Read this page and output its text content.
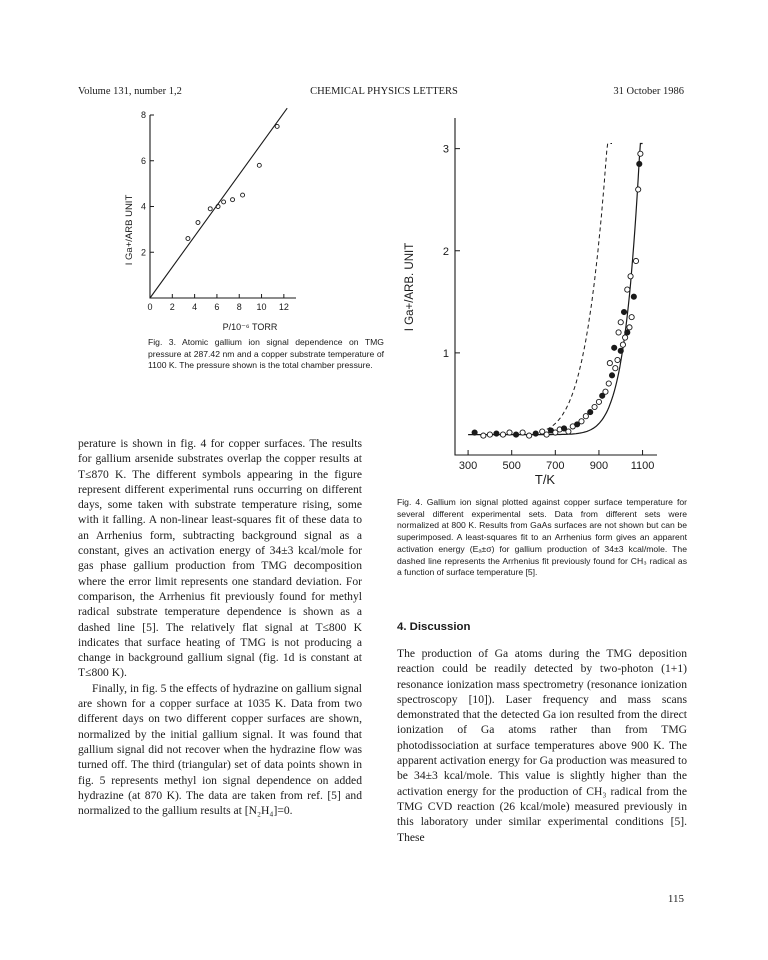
Volume 131, number 1,2	CHEMICAL PHYSICS LETTERS	31 October 1986
0 2 4 6 8 10 12
2
4
6
8
I Ga+/ARB UNIT
P/10⁻⁶ TORR

Fig. 3. Atomic gallium ion signal dependence on TMG pressure at 287.42 nm and a copper substrate temperature of 1100 K. The pressure shown is the total chamber pressure.

300 500 700 900 1100
1
2
3
I Ga+/ARB. UNIT
T/K

Fig. 4. Gallium ion signal plotted against copper surface temperature for several different experimental sets. Data from different sets were normalized at 800 K. Results from GaAs surfaces are not shown but can be superimposed. A least-squares fit to an Arrhenius form gives an apparent activation energy (Eₐ±σ) for gallium production of 34±3 kcal/mole. The dashed line represents the Arrhenius fit previously found for CH₃ radical as a function of surface temperature [5].

perature is shown in fig. 4 for copper surfaces. The results for gallium arsenide substrates overlap the copper results at T≤870 K. The different symbols appearing in the figure represent different experimental runs occurring on different days, some taken with substrate temperature rising, some with it falling. A non-linear least-squares fit of these data to an Arrhenius form, subtracting background signal as a constant, gives an activation energy of 34±3 kcal/mole for gas phase gallium production from TMG decomposition where the error limit represents one standard deviation. For comparison, the Arrhenius fit previously found for methyl radical substrate temperature dependence is shown as a dashed line [5]. The relatively flat signal at T≤800 K indicates that surface heating of TMG is not producing a change in background gallium signal (fig. 1d is constant at T≤800 K).

Finally, in fig. 5 the effects of hydrazine on gallium signal are shown for a copper surface at 1035 K. Data from two different days on two different copper surfaces are shown, normalized by the initial gallium signal. It was found that gallium signal did not recover when the hydrazine flow was turned off. The third (triangular) set of data points shown in fig. 5 represents methyl ion signal dependence on added hydrazine (at 870 K). The data are taken from ref. [5] and normalized to the gallium results at [N₂H₄]=0.

4. Discussion

The production of Ga atoms during the TMG deposition reaction could be readily detected by two-photon (1+1) resonance ionization mass spectrometry (resonance ionization spectroscopy [10]). Laser frequency and mass scans demonstrated that the detected Ga ion resulted from the direct ionization of Ga atoms rather than from TMG photodissociation at surface temperatures above 900 K. The apparent activation energy for Ga production was measured to be 34±3 kcal/mole. This value is slightly higher than the activation energy for the production of CH₃ radical from the TMG CVD reaction (26 kcal/mole) measured previously in this laboratory under similar experimental conditions [5]. These

115
